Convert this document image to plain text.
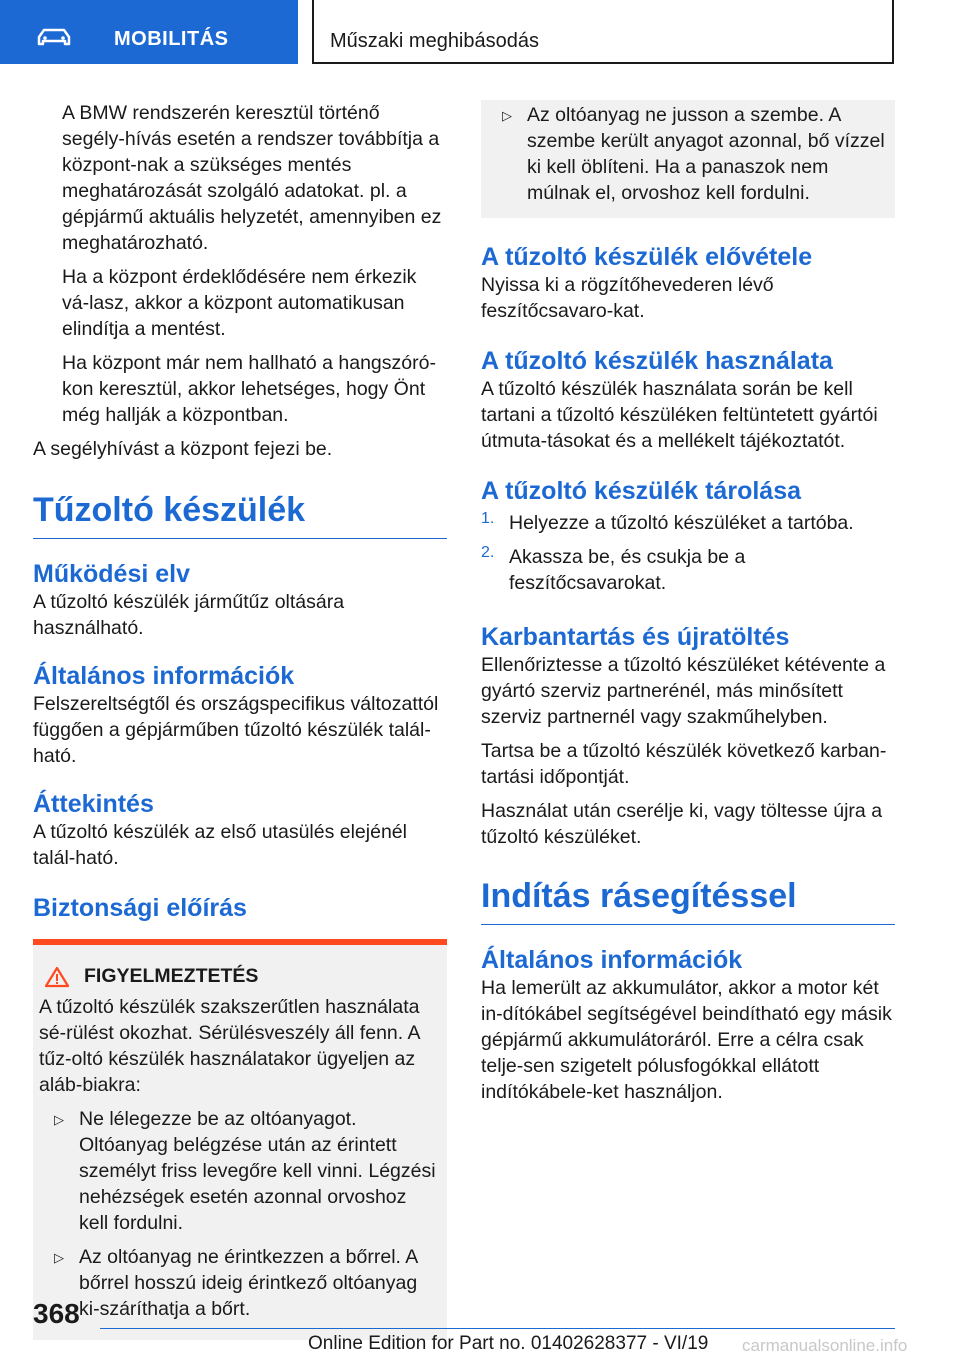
MOBILITÁS	Műszaki meghibásodás

A BMW rendszerén keresztül történő segély-hívás esetén a rendszer továbbítja a központ-nak a szükséges mentés meghatározását szolgáló adatokat. pl. a gépjármű aktuális helyzetét, amennyiben ez meghatározható.

Ha a központ érdeklődésére nem érkezik vá-lasz, akkor a központ automatikusan elindítja a mentést.

Ha központ már nem hallható a hangszóró-kon keresztül, akkor lehetséges, hogy Önt még hallják a központban.

A segélyhívást a központ fejezi be.

Tűzoltó készülék
Működési elv

A tűzoltó készülék járműtűz oltására használható.

Általános információk

Felszereltségtől és országspecifikus változattól függően a gépjárműben tűzoltó készülék talál-ható.

Áttekintés

A tűzoltó készülék az első utasülés elejénél talál-ható.

Biztonsági előírás
FIGYELMEZTETÉS

A tűzoltó készülék szakszerűtlen használata sé-rülést okozhat. Sérülésveszély áll fenn. A tűz-oltó készülék használatakor ügyeljen az aláb-biakra:

▷ Ne lélegezze be az oltóanyagot. Oltóanyag belégzése után az érintett személyt friss levegőre kell vinni. Légzési nehézségek esetén azonnal orvoshoz kell fordulni.

▷ Az oltóanyag ne érintkezzen a bőrrel. A bőrrel hosszú ideig érintkező oltóanyag ki-száríthatja a bőrt.

▷ Az oltóanyag ne jusson a szembe. A szembe került anyagot azonnal, bő vízzel ki kell öblíteni. Ha a panaszok nem múlnak el, orvoshoz kell fordulni.

A tűzoltó készülék elővétele

Nyissa ki a rögzítőhevederen lévő feszítőcsavaro-kat.

A tűzoltó készülék használata

A tűzoltó készülék használata során be kell tartani a tűzoltó készüléken feltüntetett gyártói útmuta-tásokat és a mellékelt tájékoztatót.

A tűzoltó készülék tárolása
1. Helyezze a tűzoltó készüléket a tartóba.

2. Akassza be, és csukja be a feszítőcsavarokat.

Karbantartás és újratöltés

Ellenőriztesse a tűzoltó készüléket kétévente a gyártó szerviz partnerénél, más minősített szerviz partnernél vagy szakműhelyben.

Tartsa be a tűzoltó készülék következő karban-tartási időpontját.

Használat után cserélje ki, vagy töltesse újra a tűzoltó készüléket.

Indítás rásegítéssel
Általános információk

Ha lemerült az akkumulátor, akkor a motor két in-dítókábel segítségével beindítható egy másik gépjármű akkumulátoráról. Erre a célra csak telje-sen szigetelt pólusfogókkal ellátott indítókábele-ket használjon.

368
Online Edition for Part no. 01402628377 - VI/19 carmanualsonline.info
